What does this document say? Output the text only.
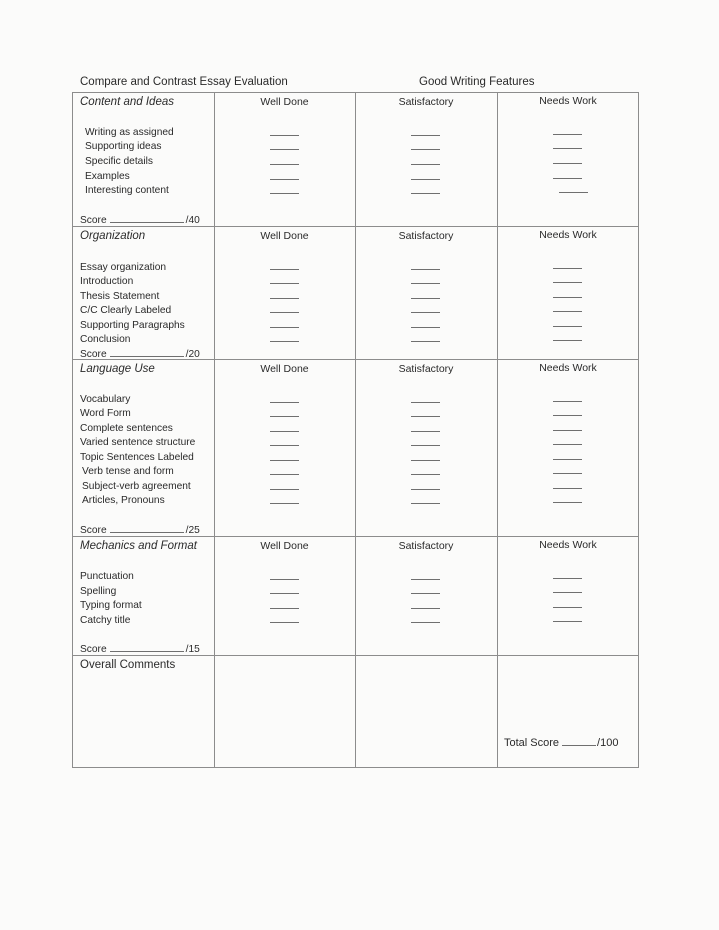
Compare and Contrast Essay Evaluation	Good Writing Features
Content and Ideas	Well Done	Satisfactory	Needs Work
Writing as assigned
Supporting ideas
Specific details
Examples
Interesting content
Score	/40
Organization	Well Done	Satisfactory	Needs Work
Essay organization
Introduction
Thesis Statement
C/C Clearly Labeled
Supporting Paragraphs
Conclusion
Score	/20
Language Use	Well Done	Satisfactory	Needs Work
Vocabulary
Word Form
Complete sentences
Varied sentence structure
Topic Sentences Labeled
Verb tense and form
Subject-verb agreement
Articles, Pronouns
Score	/25
Mechanics and Format	Well Done	Satisfactory	Needs Work
Punctuation
Spelling
Typing format
Catchy title
Score	/15
Overall Comments
Total Score	/100
